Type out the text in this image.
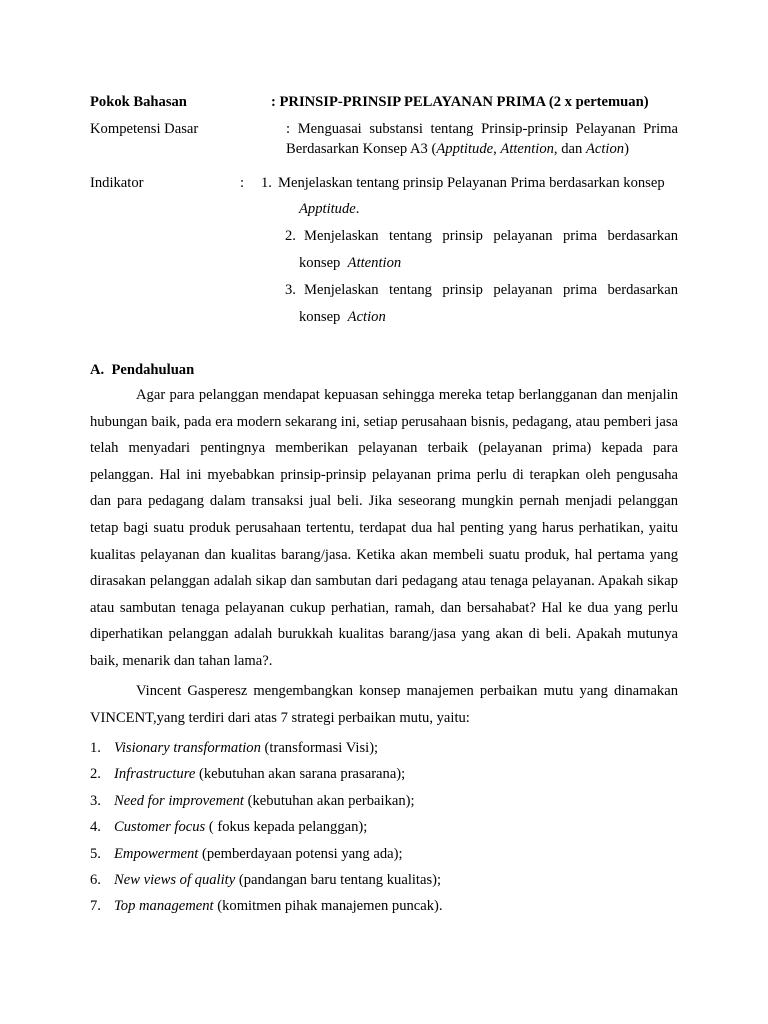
Pokok Bahasan	: PRINSIP-PRINSIP PELAYANAN PRIMA (2 x pertemuan)
Kompetensi Dasar	: Menguasai substansi tentang Prinsip-prinsip Pelayanan Prima
Berdasarkan Konsep A3 (Apptitude, Attention, dan Action)
Indikator	: 1. Menjelaskan tentang prinsip Pelayanan Prima berdasarkan konsep
Apptitude.
2. Menjelaskan tentang prinsip pelayanan prima berdasarkan
konsep Attention
3. Menjelaskan tentang prinsip pelayanan prima berdasarkan
konsep Action
A.  Pendahuluan

Agar para pelanggan mendapat kepuasan sehingga mereka tetap berlangganan dan menjalin hubungan baik, pada era modern sekarang ini, setiap perusahaan bisnis, pedagang, atau pemberi jasa telah menyadari pentingnya memberikan pelayanan terbaik (pelayanan prima) kepada para pelanggan. Hal ini myebabkan prinsip-prinsip pelayanan prima perlu di terapkan oleh pengusaha dan para pedagang dalam transaksi jual beli. Jika seseorang mungkin pernah menjadi pelanggan tetap bagi suatu produk perusahaan tertentu, terdapat dua hal penting yang harus perhatikan, yaitu kualitas pelayanan dan kualitas barang/jasa. Ketika akan membeli suatu produk, hal pertama yang dirasakan pelanggan adalah sikap dan sambutan dari pedagang atau tenaga pelayanan. Apakah sikap atau sambutan tenaga pelayanan cukup perhatian, ramah, dan bersahabat? Hal ke dua yang perlu diperhatikan pelanggan adalah burukkah kualitas barang/jasa yang akan di beli. Apakah mutunya baik, menarik dan tahan lama?.

Vincent Gasperesz mengembangkan konsep manajemen perbaikan mutu yang dinamakan VINCENT,yang terdiri dari atas 7 strategi perbaikan mutu, yaitu:

1. Visionary transformation (transformasi Visi);
2. Infrastructure (kebutuhan akan sarana prasarana);
3. Need for improvement (kebutuhan akan perbaikan);
4. Customer focus ( fokus kepada pelanggan);
5. Empowerment (pemberdayaan potensi yang ada);
6. New views of quality (pandangan baru tentang kualitas);
7. Top management (komitmen pihak manajemen puncak).
